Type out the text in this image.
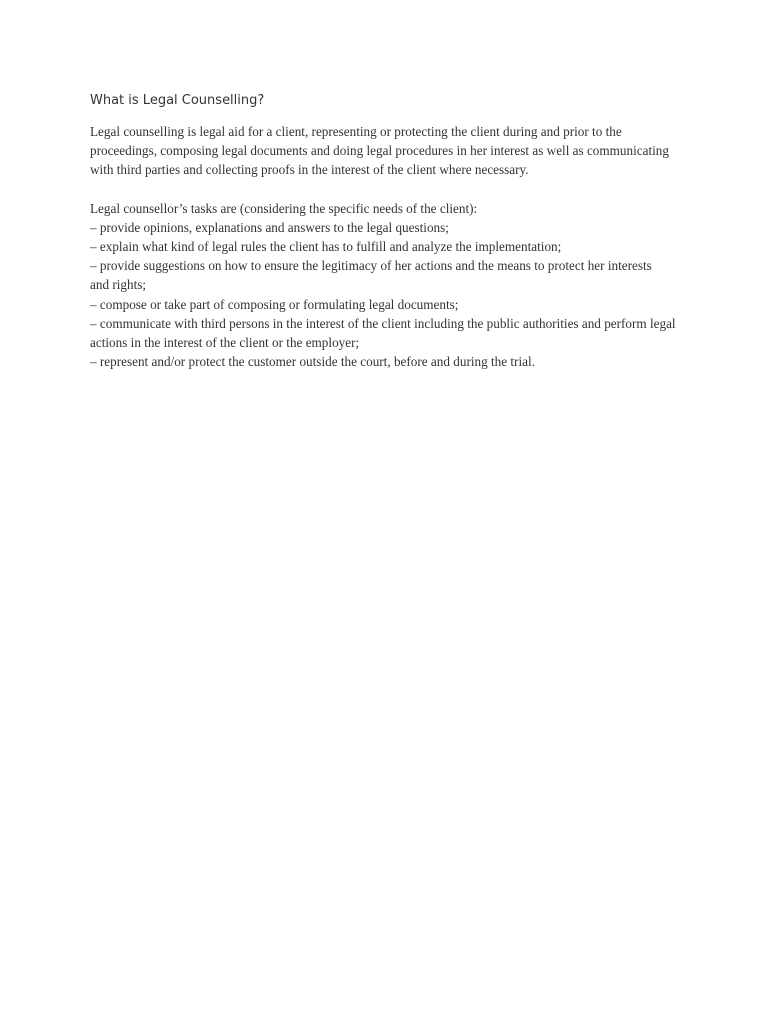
What is Legal Counselling?

Legal counselling is legal aid for a client, representing or protecting the client during and prior to the proceedings, composing legal documents and doing legal procedures in her interest as well as communicating with third parties and collecting proofs in the interest of the client where necessary.

Legal counsellor’s tasks are (considering the specific needs of the client):

– provide opinions, explanations and answers to the legal questions;
– explain what kind of legal rules the client has to fulfill and analyze the implementation;
– provide suggestions on how to ensure the legitimacy of her actions and the means to protect her interests and rights;
– compose or take part of composing or formulating legal documents;
– communicate with third persons in the interest of the client including the public authorities and perform legal actions in the interest of the client or the employer;
– represent and/or protect the customer outside the court, before and during the trial.
